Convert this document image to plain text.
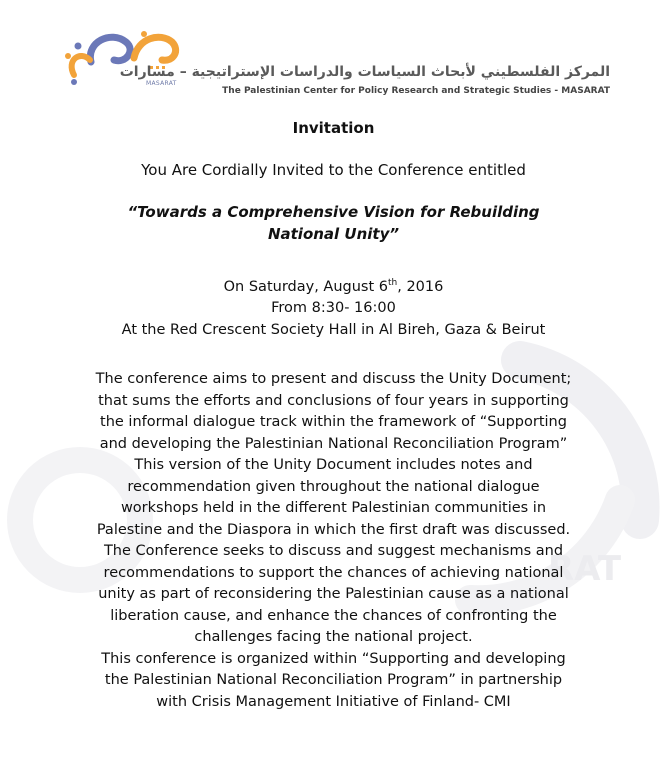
RAT
MASARAT
المركز الفلسطيني لأبحاث السياسات والدراسات الإستراتيجية – مسارات
The Palestinian Center for Policy Research and Strategic Studies - MASARAT

Invitation

You Are Cordially Invited to the Conference entitled

“Towards a Comprehensive Vision for Rebuilding National Unity”

On Saturday, August 6th, 2016
From 8:30- 16:00
At the Red Crescent Society Hall in Al Bireh, Gaza & Beirut

The conference aims to present and discuss the Unity Document; that sums the efforts and conclusions of four years in supporting the informal dialogue track within the framework of “Supporting and developing the Palestinian National Reconciliation Program” This version of the Unity Document includes notes and recommendation given throughout the national dialogue workshops held in the different Palestinian communities in Palestine and the Diaspora in which the first draft was discussed. The Conference seeks to discuss and suggest mechanisms and recommendations to support the chances of achieving national unity as part of reconsidering the Palestinian cause as a national liberation cause, and enhance the chances of confronting the challenges facing the national project.

This conference is organized within “Supporting and developing the Palestinian National Reconciliation Program” in partnership with Crisis Management Initiative of Finland- CMI
